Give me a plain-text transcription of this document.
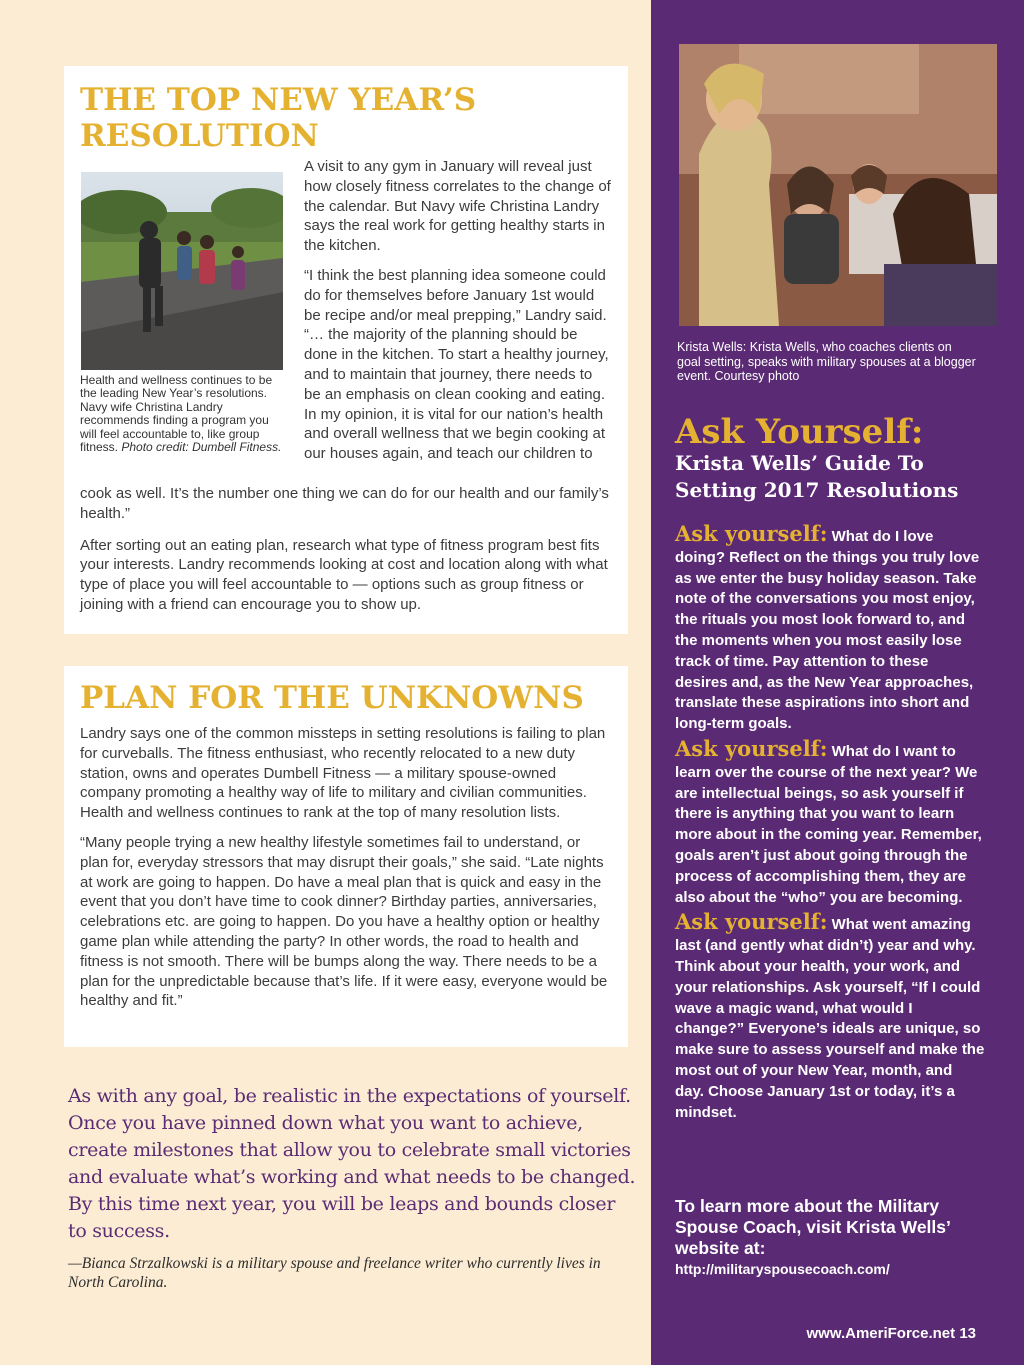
THE TOP NEW YEAR’S RESOLUTION

Health and wellness continues to be the leading New Year’s resolutions. Navy wife Christina Landry recommends finding a program you will feel accountable to, like group fitness. Photo credit: Dumbell Fitness.

A visit to any gym in January will reveal just how closely fitness correlates to the change of the calendar. But Navy wife Christina Landry says the real work for getting healthy starts in the kitchen.

“I think the best planning idea someone could do for themselves before January 1st would be recipe and/or meal prepping,” Landry said. “… the majority of the planning should be done in the kitchen. To start a healthy journey, and to maintain that journey, there needs to be an emphasis on clean cooking and eating. In my opinion, it is vital for our nation’s health and overall wellness that we begin cooking at our houses again, and teach our children to

cook as well. It’s the number one thing we can do for our health and our family’s health.”

After sorting out an eating plan, research what type of fitness program best fits your interests. Landry recommends looking at cost and location along with what type of place you will feel accountable to — options such as group fitness or joining with a friend can encourage you to show up.

PLAN FOR THE UNKNOWNS

Landry says one of the common missteps in setting resolutions is failing to plan for curveballs. The fitness enthusiast, who recently relocated to a new duty station, owns and operates Dumbell Fitness — a military spouse-owned company promoting a healthy way of life to military and civilian communities. Health and wellness continues to rank at the top of many resolution lists.

“Many people trying a new healthy lifestyle sometimes fail to understand, or plan for, everyday stressors that may disrupt their goals,” she said. “Late nights at work are going to happen. Do have a meal plan that is quick and easy in the event that you don’t have time to cook dinner? Birthday parties, anniversaries, celebrations etc. are going to happen. Do you have a healthy option or healthy game plan while attending the party? In other words, the road to health and fitness is not smooth. There will be bumps along the way. There needs to be a plan for the unpredictable because that’s life. If it were easy, everyone would be healthy and fit.”

As with any goal, be realistic in the expectations of yourself. Once you have pinned down what you want to achieve, create milestones that allow you to celebrate small victories and evaluate what’s working and what needs to be changed. By this time next year, you will be leaps and bounds closer to success.

—Bianca Strzalkowski is a military spouse and freelance writer who currently lives in North Carolina.

Krista Wells: Krista Wells, who coaches clients on goal setting, speaks with military spouses at a blogger event. Courtesy photo

Ask Yourself:
Krista Wells’ Guide To Setting 2017 Resolutions

Ask yourself: What do I love doing? Reflect on the things you truly love as we enter the busy holiday season. Take note of the conversations you most enjoy, the rituals you most look forward to, and the moments when you most easily lose track of time. Pay attention to these desires and, as the New Year approaches, translate these aspirations into short and long-term goals.

Ask yourself: What do I want to learn over the course of the next year? We are intellectual beings, so ask yourself if there is anything that you want to learn more about in the coming year. Remember, goals aren’t just about going through the process of accomplishing them, they are also about the “who” you are becoming.

Ask yourself: What went amazing last (and gently what didn’t) year and why. Think about your health, your work, and your relationships. Ask yourself, “If I could wave a magic wand, what would I change?” Everyone’s ideals are unique, so make sure to assess yourself and make the most out of your New Year, month, and day. Choose January 1st or today, it’s a mindset.

To learn more about the Military Spouse Coach, visit Krista Wells’ website at:

http://militaryspousecoach.com/

www.AmeriForce.net 13
